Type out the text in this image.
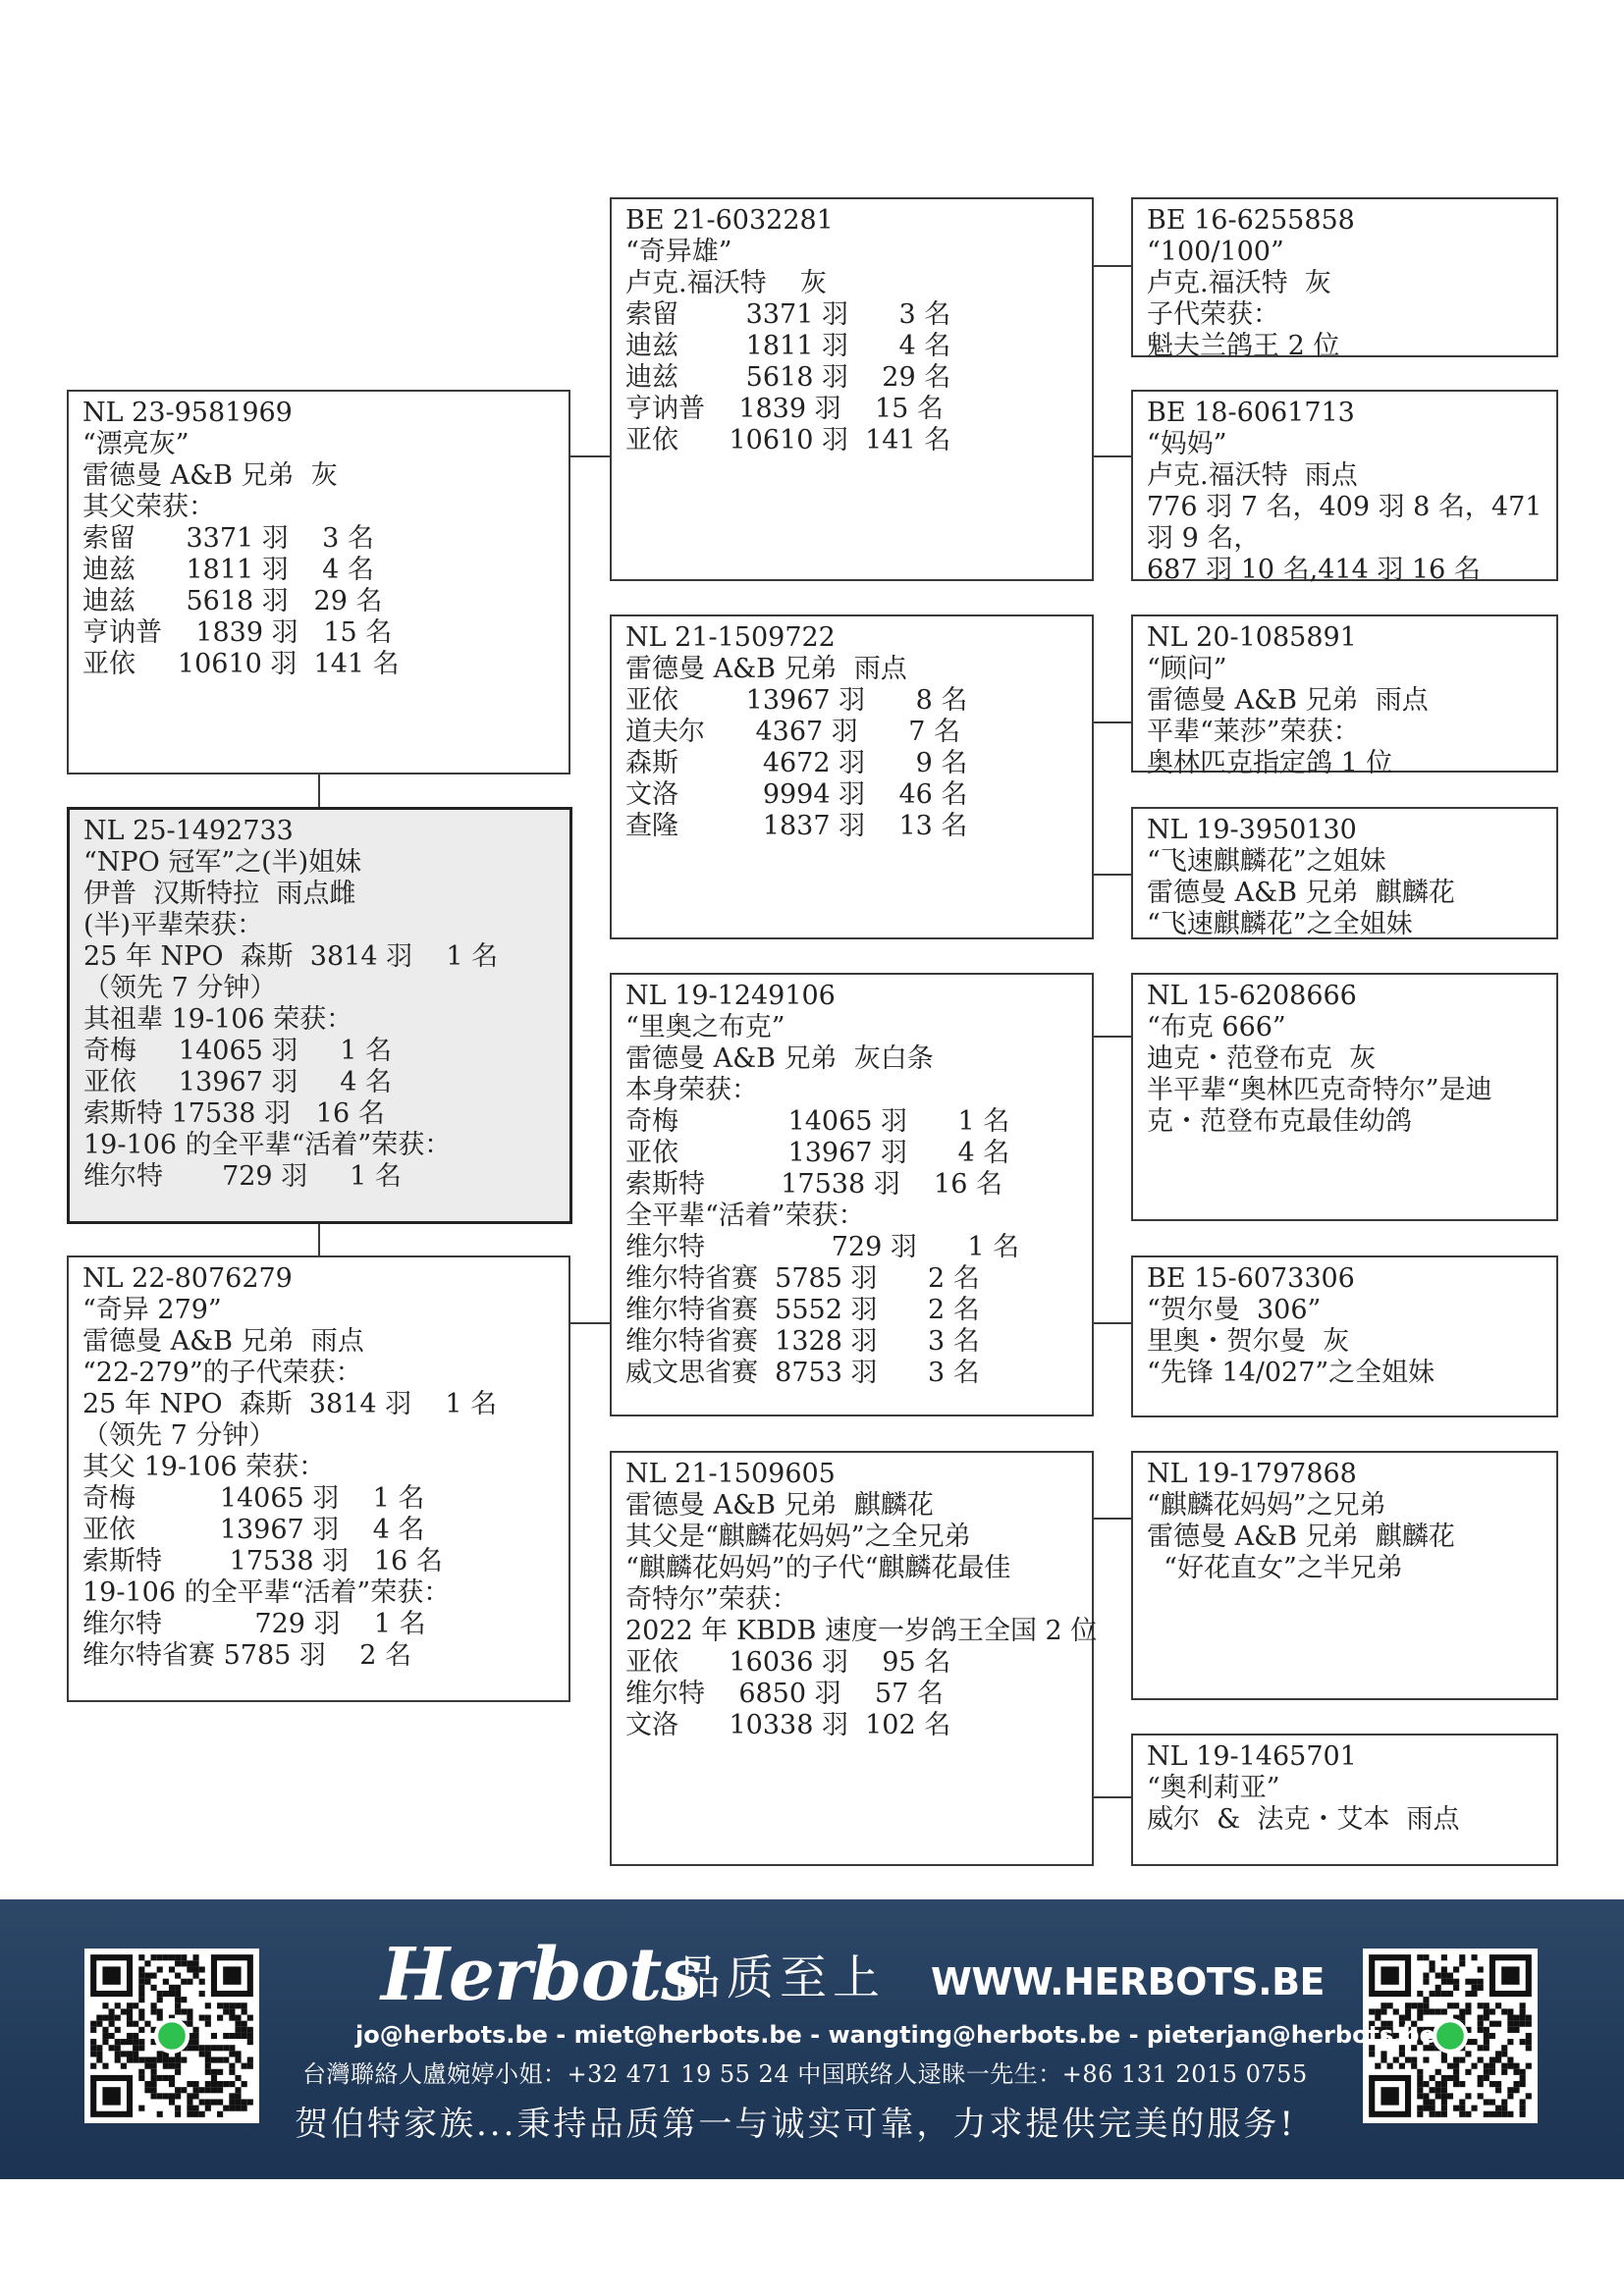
NL 23-9581969
“漂亮灰”
雷德曼 A&B 兄弟  灰
其父荣获：
索留      3371 羽    3 名
迪兹      1811 羽    4 名
迪兹      5618 羽   29 名
亨讷普    1839 羽   15 名
亚依     10610 羽  141 名
NL 25-1492733
“NPO 冠军”之(半)姐妹
伊普  汉斯特拉  雨点雌
(半)平辈荣获：
25 年 NPO  森斯  3814 羽    1 名
（领先 7 分钟）
其祖辈 19-106 荣获：
奇梅     14065 羽     1 名
亚依     13967 羽     4 名
索斯特 17538 羽   16 名
19-106 的全平辈“活着”荣获：
维尔特       729 羽     1 名
NL 22-8076279
“奇异 279”
雷德曼 A&B 兄弟  雨点
“22-279”的子代荣获：
25 年 NPO  森斯  3814 羽    1 名
（领先 7 分钟）
其父 19-106 荣获：
奇梅          14065 羽    1 名
亚依          13967 羽    4 名
索斯特        17538 羽   16 名
19-106 的全平辈“活着”荣获：
维尔特           729 羽    1 名
维尔特省赛 5785 羽    2 名
BE 21-6032281
“奇异雄”
卢克.福沃特    灰
索留        3371 羽      3 名
迪兹        1811 羽      4 名
迪兹        5618 羽    29 名
亨讷普    1839 羽    15 名
亚依      10610 羽  141 名
NL 21-1509722
雷德曼 A&B 兄弟  雨点
亚依        13967 羽      8 名
道夫尔      4367 羽      7 名
森斯          4672 羽      9 名
文洛          9994 羽    46 名
查隆          1837 羽    13 名
NL 19-1249106
“里奥之布克”
雷德曼 A&B 兄弟  灰白条
本身荣获：
奇梅             14065 羽      1 名
亚依             13967 羽      4 名
索斯特         17538 羽    16 名
全平辈“活着”荣获：
维尔特               729 羽      1 名
维尔特省赛  5785 羽      2 名
维尔特省赛  5552 羽      2 名
维尔特省赛  1328 羽      3 名
威文思省赛  8753 羽      3 名
NL 21-1509605
雷德曼 A&B 兄弟  麒麟花
其父是“麒麟花妈妈”之全兄弟
“麒麟花妈妈”的子代“麒麟花最佳
奇特尔”荣获：
2022 年 KBDB 速度一岁鸽王全国 2 位
亚依      16036 羽    95 名
维尔特    6850 羽    57 名
文洛      10338 羽  102 名
BE 16-6255858
“100/100”
卢克.福沃特  灰
子代荣获：
魁夫兰鸽王 2 位
BE 18-6061713
“妈妈”
卢克.福沃特  雨点
776 羽 7 名，409 羽 8 名，471
羽 9 名，
687 羽 10 名,414 羽 16 名
NL 20-1085891
“顾问”
雷德曼 A&B 兄弟  雨点
平辈“莱莎”荣获：
奥林匹克指定鸽 1 位
NL 19-3950130
“飞速麒麟花”之姐妹
雷德曼 A&B 兄弟  麒麟花
“飞速麒麟花”之全姐妹
NL 15-6208666
“布克 666”
迪克・范登布克  灰
半平辈“奥林匹克奇特尔”是迪
克・范登布克最佳幼鸽
BE 15-6073306
“贺尔曼  306”
里奥・贺尔曼  灰
“先锋 14/027”之全姐妹
NL 19-1797868
“麒麟花妈妈”之兄弟
雷德曼 A&B 兄弟  麒麟花
“好花直女”之半兄弟
NL 19-1465701
“奥利莉亚”
威尔  &  法克・艾本  雨点
Herbots
品质至上 WWW.HERBOTS.BE
jo@herbots.be - miet@herbots.be - wangting@herbots.be - pieterjan@herbots.be
台灣聯絡人盧婉婷小姐：+32 471 19 55 24 中国联络人逯睐一先生：+86 131 2015 0755
贺伯特家族...秉持品质第一与诚实可靠，力求提供完美的服务!
